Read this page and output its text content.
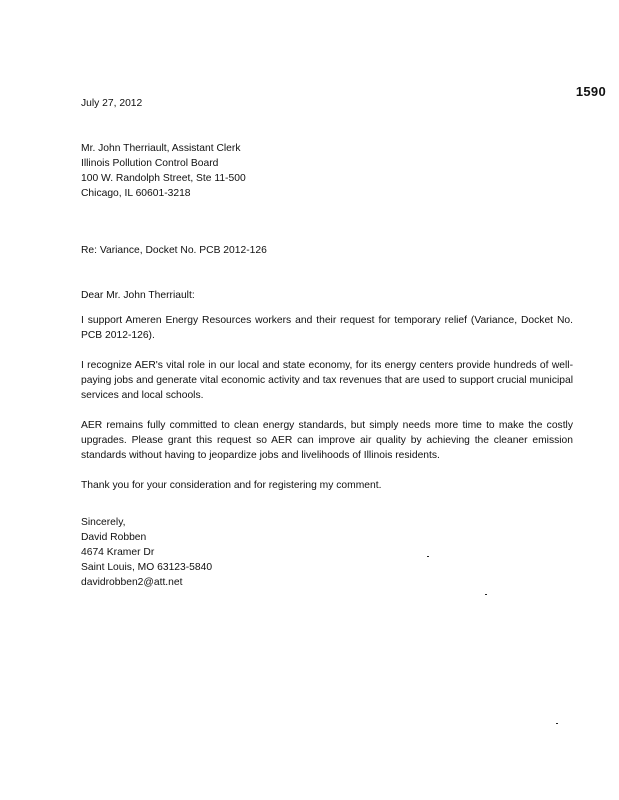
1590
July 27, 2012
Mr. John Therriault, Assistant Clerk
Illinois Pollution Control Board
100 W. Randolph Street, Ste 11-500
Chicago, IL 60601-3218
Re: Variance, Docket No. PCB 2012-126
Dear Mr. John Therriault:

I support Ameren Energy Resources workers and their request for temporary relief (Variance, Docket No. PCB 2012-126).

I recognize AER's vital role in our local and state economy, for its energy centers provide hundreds of well-paying jobs and generate vital economic activity and tax revenues that are used to support crucial municipal services and local schools.

AER remains fully committed to clean energy standards, but simply needs more time to make the costly upgrades. Please grant this request so AER can improve air quality by achieving the cleaner emission standards without having to jeopardize jobs and livelihoods of Illinois residents.

Thank you for your consideration and for registering my comment.

Sincerely,
David Robben
4674 Kramer Dr
Saint Louis, MO 63123-5840
davidrobben2@att.net
